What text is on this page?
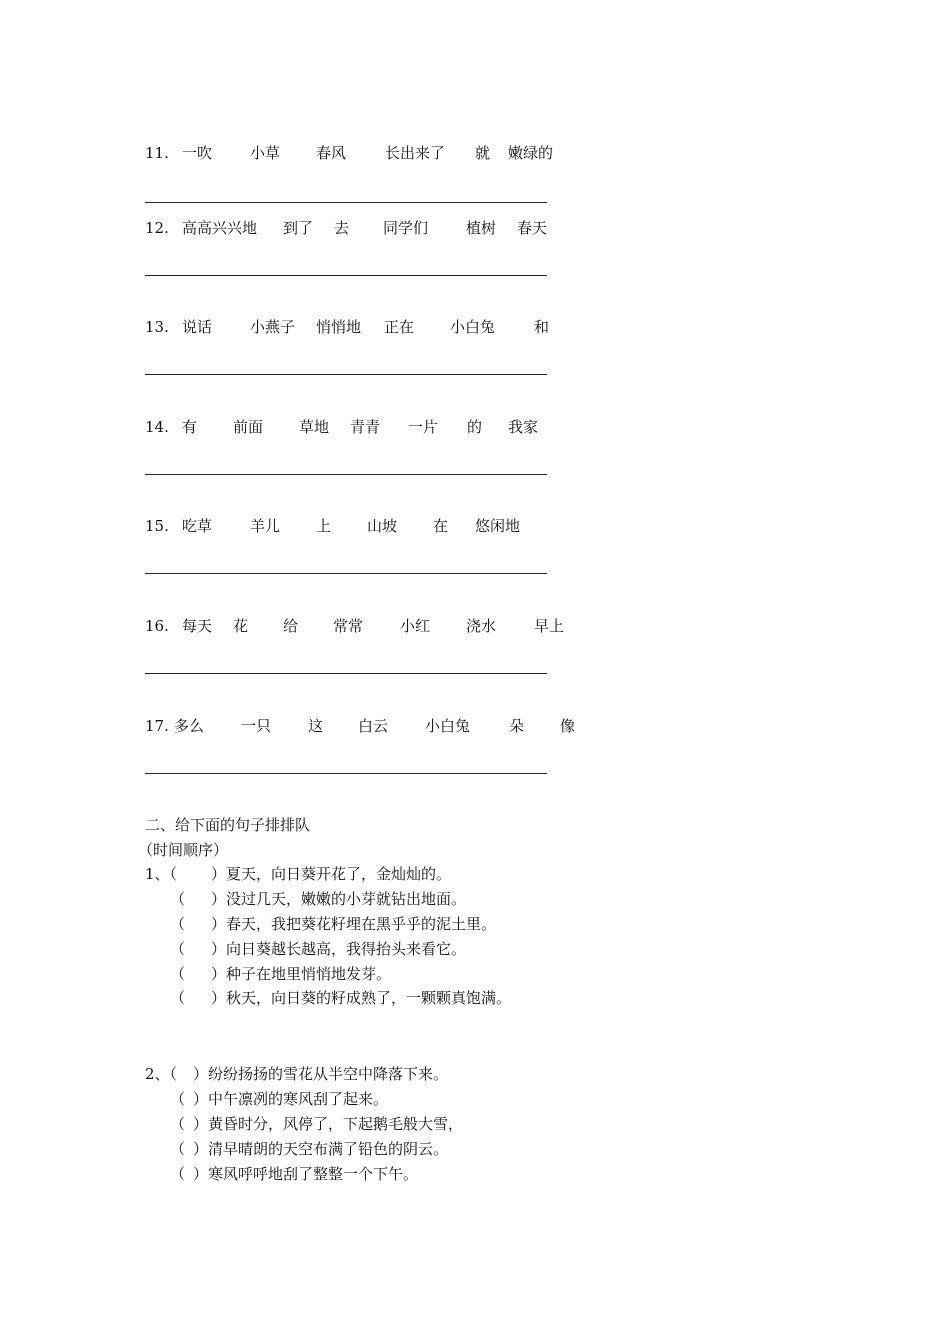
11. 一吹	小草 春风	长出来了 就 嫩绿的
12. 高高兴兴地 到了 去 同学们	植树 春天
13. 说话	小燕子 悄悄地 正在 小白兔	和
14. 有 前面 草地 青青 一片 的 我家
15. 吃草	羊儿 上 山坡 在 悠闲地
16. 每天 花 给 常常 小红 浇水	早上
17. 多么 一只 这 白云 小白兔	朵 像
二、给下面的句子排排队
（时间顺序）
1、（ ）夏天，向日葵开花了，金灿灿的。
（ ）没过几天，嫩嫩的小芽就钻出地面。
（ ）春天，我把葵花籽埋在黑乎乎的泥土里。
（ ）向日葵越长越高，我得抬头来看它。
（ ）种子在地里悄悄地发芽。
（ ）秋天，向日葵的籽成熟了，一颗颗真饱满。
2、（ ）纷纷扬扬的雪花从半空中降落下来。
（ ）中午凛冽的寒风刮了起来。
（ ）黄昏时分，风停了，下起鹅毛般大雪，
（ ）清早晴朗的天空布满了铅色的阴云。
（ ）寒风呼呼地刮了整整一个下午。
